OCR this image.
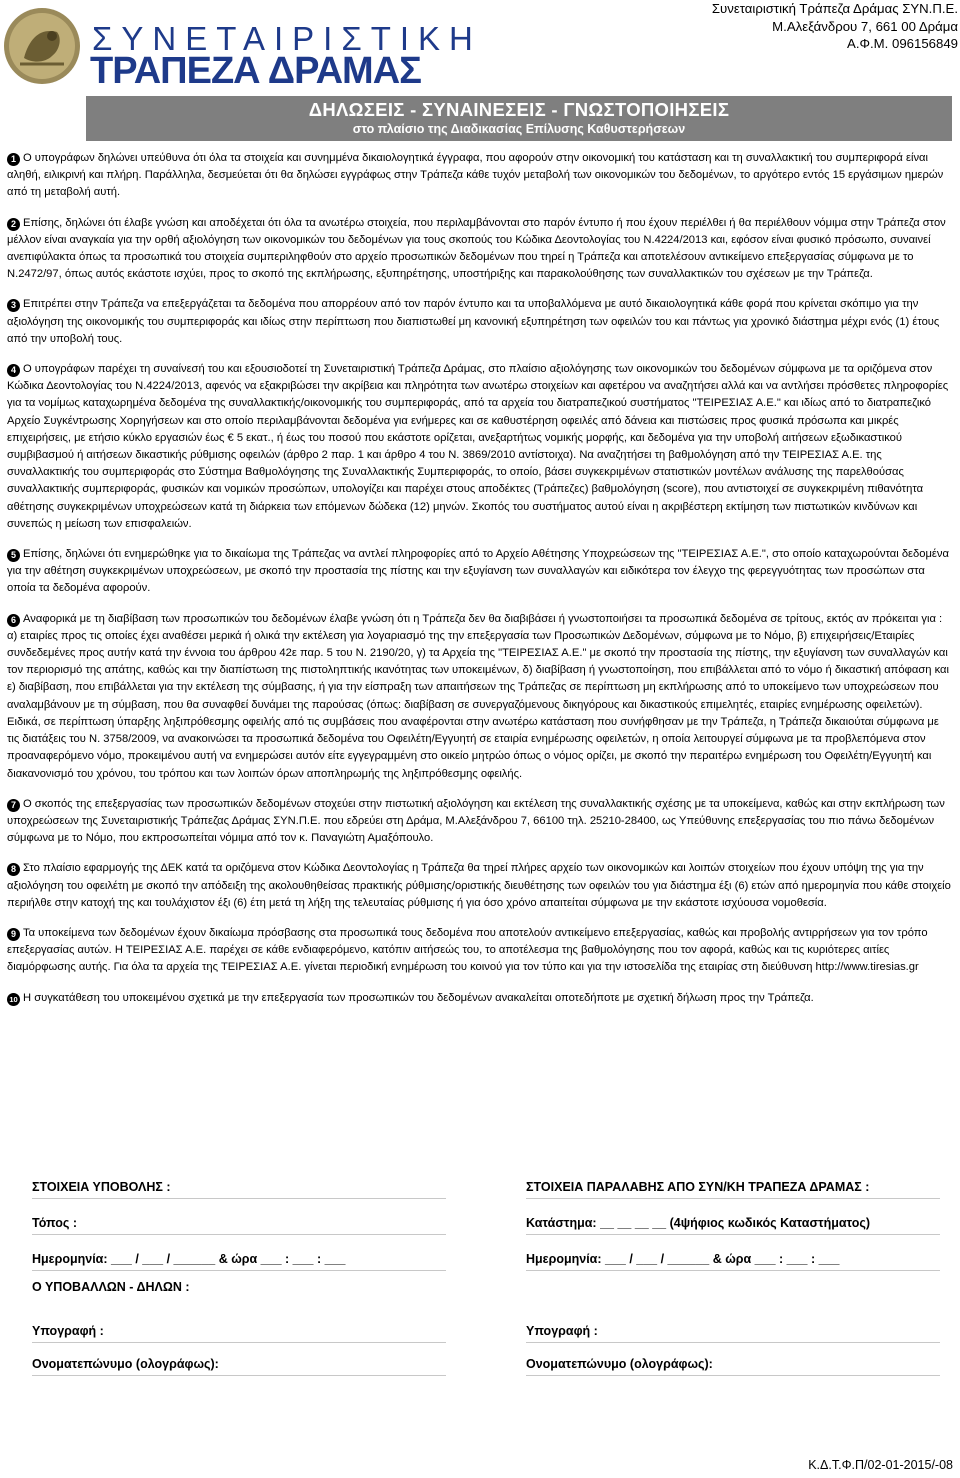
ΣΥΝΕΤΑΙΡΙΣΤΙΚΗ
ΤΡΑΠΕΖΑ ΔΡΑΜΑΣ
Συνεταιριστική Τράπεζα Δράμας ΣΥΝ.Π.Ε.
Μ.Αλεξάνδρου 7, 661 00 Δράμα
Α.Φ.Μ. 096156849
ΔΗΛΩΣΕΙΣ - ΣΥΝΑΙΝΕΣΕΙΣ - ΓΝΩΣΤΟΠΟΙΗΣΕΙΣ
στο πλαίσιο της Διαδικασίας Επίλυσης Καθυστερήσεων

1 Ο υπογράφων δηλώνει υπεύθυνα ότι όλα τα στοιχεία και συνημμένα δικαιολογητικά έγγραφα, που αφορούν στην οικονομική του κατάσταση και τη συναλλακτική του συμπεριφορά είναι αληθή, ειλικρινή και πλήρη. Παράλληλα, δεσμεύεται ότι θα δηλώσει εγγράφως στην Τράπεζα κάθε τυχόν μεταβολή των οικονομικών του δεδομένων, το αργότερο εντός 15 εργάσιμων ημερών από τη μεταβολή αυτή.

2 Επίσης, δηλώνει ότι έλαβε γνώση και αποδέχεται ότι όλα τα ανωτέρω στοιχεία, που περιλαμβάνονται στο παρόν έντυπο ή που έχουν περιέλθει ή θα περιέλθουν νόμιμα στην Τράπεζα στον μέλλον είναι αναγκαία για την ορθή αξιολόγηση των οικονομικών του δεδομένων για τους σκοπούς του Κώδικα Δεοντολογίας του Ν.4224/2013 και, εφόσον είναι φυσικό πρόσωπο, συναινεί ανεπιφύλακτα όπως τα προσωπικά του στοιχεία συμπεριληφθούν στο αρχείο προσωπικών δεδομένων που τηρεί η Τράπεζα και αποτελέσουν αντικείμενο επεξεργασίας σύμφωνα με το Ν.2472/97, όπως αυτός εκάστοτε ισχύει, προς το σκοπό της εκπλήρωσης, εξυπηρέτησης, υποστήριξης και παρακολούθησης των συναλλακτικών του σχέσεων με την Τράπεζα.

3 Επιτρέπει στην Τράπεζα να επεξεργάζεται τα δεδομένα που απορρέουν από τον παρόν έντυπο και τα υποβαλλόμενα με αυτό δικαιολογητικά κάθε φορά που κρίνεται σκόπιμο για την αξιολόγηση της οικονομικής του συμπεριφοράς και ιδίως στην περίπτωση που διαπιστωθεί μη κανονική εξυπηρέτηση των οφειλών του και πάντως για χρονικό διάστημα μέχρι ενός (1) έτους από την υποβολή τους.

4 Ο υπογράφων παρέχει τη συναίνεσή του και εξουσιοδοτεί τη Συνεταιριστική Τράπεζα Δράμας, στο πλαίσιο αξιολόγησης των οικονομικών του δεδομένων σύμφωνα με τα οριζόμενα στον Κώδικα Δεοντολογίας του Ν.4224/2013, αφενός να εξακριβώσει την ακρίβεια και πληρότητα των ανωτέρω στοιχείων και αφετέρου να αναζητήσει αλλά και να αντλήσει πρόσθετες πληροφορίες για τα νομίμως καταχωρημένα δεδομένα της συναλλακτικής/οικονομικής του συμπεριφοράς, από τα αρχεία του διατραπεζικού συστήματος "ΤΕΙΡΕΣΙΑΣ Α.Ε." και ιδίως από το διατραπεζικό Αρχείο Συγκέντρωσης Χορηγήσεων και στο οποίο περιλαμβάνονται δεδομένα για ενήμερες και σε καθυστέρηση οφειλές από δάνεια και πιστώσεις προς φυσικά πρόσωπα και μικρές επιχειρήσεις, με ετήσιο κύκλο εργασιών έως € 5 εκατ., ή έως του ποσού που εκάστοτε ορίζεται, ανεξαρτήτως νομικής μορφής, και δεδομένα για την υποβολή αιτήσεων εξωδικαστικού συμβιβασμού ή αιτήσεων δικαστικής ρύθμισης οφειλών (άρθρο 2 παρ. 1 και άρθρο 4 του Ν. 3869/2010 αντίστοιχα). Να αναζητήσει τη βαθμολόγηση από την ΤΕΙΡΕΣΙΑΣ Α.Ε. της συναλλακτικής του συμπεριφοράς στο Σύστημα Βαθμολόγησης της Συναλλακτικής Συμπεριφοράς, το οποίο, βάσει συγκεκριμένων στατιστικών μοντέλων ανάλυσης της παρελθούσας συναλλακτικής συμπεριφοράς, φυσικών και νομικών προσώπων, υπολογίζει και παρέχει στους αποδέκτες (Τράπεζες) βαθμολόγηση (score), που αντιστοιχεί σε συγκεκριμένη πιθανότητα αθέτησης συγκεκριμένων υποχρεώσεων κατά τη διάρκεια των επόμενων δώδεκα (12) μηνών. Σκοπός του συστήματος αυτού είναι η ακριβέστερη εκτίμηση των πιστωτικών κινδύνων και συνεπώς η μείωση των επισφαλειών.

5 Επίσης, δηλώνει ότι ενημερώθηκε για το δικαίωμα της Τράπεζας να αντλεί πληροφορίες από το Αρχείο Αθέτησης Υποχρεώσεων της "ΤΕΙΡΕΣΙΑΣ Α.Ε.", στο οποίο καταχωρούνται δεδομένα για την αθέτηση συγκεκριμένων υποχρεώσεων, με σκοπό την προστασία της πίστης και την εξυγίανση των συναλλαγών και ειδικότερα τον έλεγχο της φερεγγυότητας των προσώπων στα οποία τα δεδομένα αφορούν.

6 Αναφορικά με τη διαβίβαση των προσωπικών του δεδομένων έλαβε γνώση ότι η Τράπεζα δεν θα διαβιβάσει ή γνωστοποιήσει τα προσωπικά δεδομένα σε τρίτους, εκτός αν πρόκειται για : α) εταιρίες προς τις οποίες έχει αναθέσει μερικά ή ολικά την εκτέλεση για λογαριασμό της την επεξεργασία των Προσωπικών Δεδομένων, σύμφωνα με το Νόμο, β) επιχειρήσεις/Εταιρίες συνδεδεμένες προς αυτήν κατά την έννοια του άρθρου 42ε παρ. 5 του Ν. 2190/20, γ) τα Αρχεία της "ΤΕΙΡΕΣΙΑΣ Α.Ε." με σκοπό την προστασία της πίστης, την εξυγίανση των συναλλαγών και τον περιορισμό της απάτης, καθώς και την διαπίστωση της πιστοληπτικής ικανότητας των υποκειμένων, δ) διαβίβαση ή γνωστοποίηση, που επιβάλλεται από το νόμο ή δικαστική απόφαση και ε) διαβίβαση, που επιβάλλεται για την εκτέλεση της σύμβασης, ή για την είσπραξη των απαιτήσεων της Τράπεζας σε περίπτωση μη εκπλήρωσης από το υποκείμενο των υποχρεώσεων που αναλαμβάνουν με τη σύμβαση, που θα συναφθεί δυνάμει της παρούσας (όπως: διαβίβαση σε συνεργαζόμενους δικηγόρους και δικαστικούς επιμελητές, εταιρίες ενημέρωσης οφειλετών). Ειδικά, σε περίπτωση ύπαρξης ληξιπρόθεσμης οφειλής από τις συμβάσεις που αναφέρονται στην ανωτέρω κατάσταση που συνήφθησαν με την Τράπεζα, η Τράπεζα δικαιούται σύμφωνα με τις διατάξεις του Ν. 3758/2009, να ανακοινώσει τα προσωπικά δεδομένα του Οφειλέτη/Εγγυητή σε εταιρία ενημέρωσης οφειλετών, η οποία λειτουργεί σύμφωνα με τα προβλεπόμενα στον προαναφερόμενο νόμο, προκειμένου αυτή να ενημερώσει αυτόν είτε εγγεγραμμένη στο οικείο μητρώο όπως ο νόμος ορίζει, με σκοπό την περαιτέρω ενημέρωση του Οφειλέτη/Εγγυητή και διακανονισμό του χρόνου, του τρόπου και των λοιπών όρων αποπληρωμής της ληξιπρόθεσμης οφειλής.

7 Ο σκοπός της επεξεργασίας των προσωπικών δεδομένων στοχεύει στην πιστωτική αξιολόγηση και εκτέλεση της συναλλακτικής σχέσης με τα υποκείμενα, καθώς και στην εκπλήρωση των υποχρεώσεων της Συνεταιριστικής Τράπεζας Δράμας ΣΥΝ.Π.Ε. που εδρεύει στη Δράμα, Μ.Αλεξάνδρου 7, 66100 τηλ. 25210-28400, ως Υπεύθυνης επεξεργασίας του πιο πάνω δεδομένων σύμφωνα με το Νόμο, που εκπροσωπείται νόμιμα από τον κ. Παναγιώτη Αμαξόπουλο.

8 Στο πλαίσιο εφαρμογής της ΔΕΚ κατά τα οριζόμενα στον Κώδικα Δεοντολογίας η Τράπεζα θα τηρεί πλήρες αρχείο των οικονομικών και λοιπών στοιχείων που έχουν υπόψη της για την αξιολόγηση του οφειλέτη με σκοπό την απόδειξη της ακολουθηθείσας πρακτικής ρύθμισης/οριστικής διευθέτησης των οφειλών του για διάστημα έξι (6) ετών από ημερομηνία που κάθε στοιχείο περιήλθε στην κατοχή της και τουλάχιστον έξι (6) έτη μετά τη λήξη της τελευταίας ρύθμισης ή για όσο χρόνο απαιτείται σύμφωνα με την εκάστοτε ισχύουσα νομοθεσία.

9 Τα υποκείμενα των δεδομένων έχουν δικαίωμα πρόσβασης στα προσωπικά τους δεδομένα που αποτελούν αντικείμενο επεξεργασίας, καθώς και προβολής αντιρρήσεων για τον τρόπο επεξεργασίας αυτών. Η ΤΕΙΡΕΣΙΑΣ Α.Ε. παρέχει σε κάθε ενδιαφερόμενο, κατόπιν αιτήσεώς του, το αποτέλεσμα της βαθμολόγησης που τον αφορά, καθώς και τις κυριότερες αιτίες διαμόρφωσης αυτής. Για όλα τα αρχεία της ΤΕΙΡΕΣΙΑΣ Α.Ε. γίνεται περιοδική ενημέρωση του κοινού για τον τύπο και για την ιστοσελίδα της εταιρίας στη διεύθυνση http://www.tiresias.gr

10 Η συγκατάθεση του υποκειμένου σχετικά με την επεξεργασία των προσωπικών του δεδομένων ανακαλείται οποτεδήποτε με σχετική δήλωση προς την Τράπεζα.

ΣΤΟΙΧΕΙΑ ΥΠΟΒΟΛΗΣ :
Τόπος :
Ημερομηνία: ___ / ___ / ______ & ώρα ___ : ___ : ___
Ο ΥΠΟΒΑΛΛΩΝ - ΔΗΛΩΝ :
Υπογραφή :
Ονοματεπώνυμο (ολογράφως):
ΣΤΟΙΧΕΙΑ ΠΑΡΑΛΑΒΗΣ ΑΠΟ ΣΥΝ/ΚΗ ΤΡΑΠΕΖΑ ΔΡΑΜΑΣ :
Κατάστημα: __ __ __ __ (4ψήφιος κωδικός Καταστήματος)
Ημερομηνία: ___ / ___ / ______ & ώρα ___ : ___ : ___
Υπογραφή :
Ονοματεπώνυμο (ολογράφως):
Κ.Δ.Τ.Φ.Π/02-01-2015/-08
